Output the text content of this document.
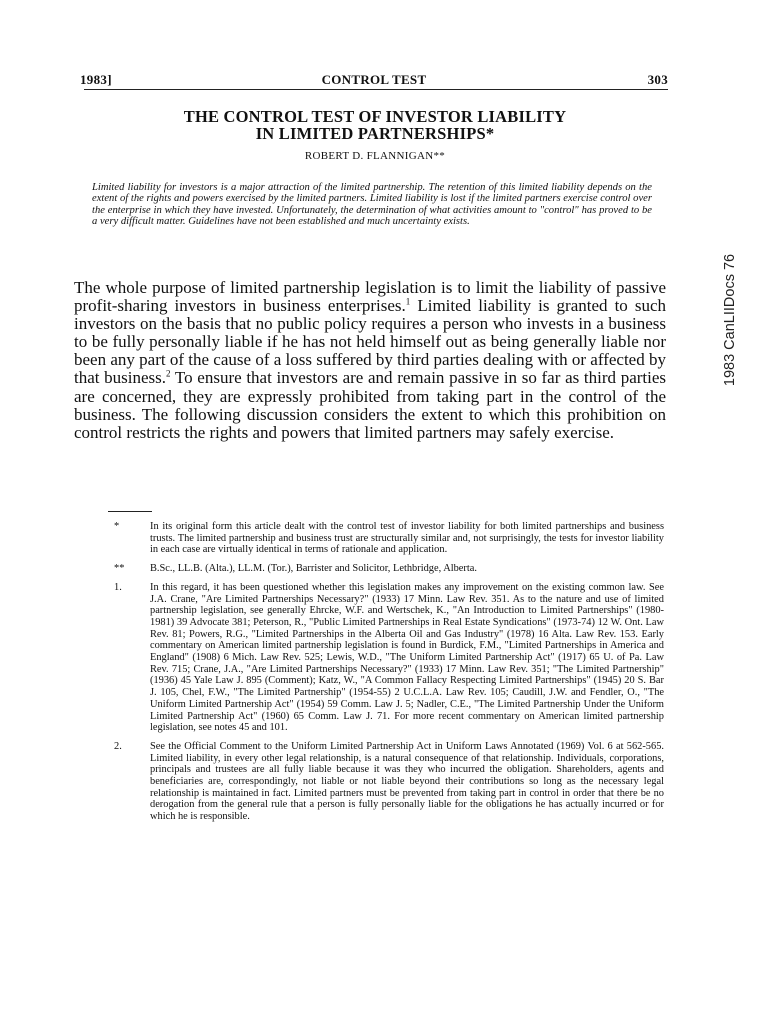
1983]	CONTROL TEST	303
THE CONTROL TEST OF INVESTOR LIABILITY
IN LIMITED PARTNERSHIPS*
ROBERT D. FLANNIGAN**
Limited liability for investors is a major attraction of the limited partnership. The retention of this limited liability depends on the extent of the rights and powers exercised by the limited partners. Limited liability is lost if the limited partners exercise control over the enterprise in which they have invested. Unfortunately, the determination of what activities amount to "control" has proved to be a very difficult matter. Guidelines have not been established and much uncertainty exists.
The whole purpose of limited partnership legislation is to limit the liability of passive profit-sharing investors in business enterprises.$^1$ Limited liability is granted to such investors on the basis that no public policy requires a person who invests in a business to be fully personally liable if he has not held himself out as being generally liable nor been any part of the cause of a loss suffered by third parties dealing with or affected by that business.$^2$ To ensure that investors are and remain passive in so far as third parties are concerned, they are expressly prohibited from taking part in the control of the business. The following discussion considers the extent to which this prohibition on control restricts the rights and powers that limited partners may safely exercise.
1983 CanLIIDocs 76
*	In its original form this article dealt with the control test of investor liability for both limited partnerships and business trusts. The limited partnership and business trust are structurally similar and, not surprisingly, the tests for investor liability in each case are virtually identical in terms of rationale and application.
**	B.Sc., LL.B. (Alta.), LL.M. (Tor.), Barrister and Solicitor, Lethbridge, Alberta.
1.	In this regard, it has been questioned whether this legislation makes any improvement on the existing common law. See J.A. Crane, "Are Limited Partnerships Necessary?" (1933) 17 Minn. Law Rev. 351. As to the nature and use of limited partnership legislation, see generally Ehrcke, W.F. and Wertschek, K., "An Introduction to Limited Partnerships" (1980-1981) 39 Advocate 381; Peterson, R., "Public Limited Partnerships in Real Estate Syndications" (1973-74) 12 W. Ont. Law Rev. 81; Powers, R.G., "Limited Partnerships in the Alberta Oil and Gas Industry" (1978) 16 Alta. Law Rev. 153. Early commentary on American limited partnership legislation is found in Burdick, F.M., "Limited Partnerships in America and England" (1908) 6 Mich. Law Rev. 525; Lewis, W.D., "The Uniform Limited Partnership Act" (1917) 65 U. of Pa. Law Rev. 715; Crane, J.A., "Are Limited Partnerships Necessary?" (1933) 17 Minn. Law Rev. 351; "The Limited Partnership" (1936) 45 Yale Law J. 895 (Comment); Katz, W., "A Common Fallacy Respecting Limited Partnerships" (1945) 20 S. Bar J. 105, Chel, F.W., "The Limited Partnership" (1954-55) 2 U.C.L.A. Law Rev. 105; Caudill, J.W. and Fendler, O., "The Uniform Limited Partnership Act" (1954) 59 Comm. Law J. 5; Nadler, C.E., "The Limited Partnership Under the Uniform Limited Partnership Act" (1960) 65 Comm. Law J. 71. For more recent commentary on American limited partnership legislation, see notes 45 and 101.
2.	See the Official Comment to the Uniform Limited Partnership Act in Uniform Laws Annotated (1969) Vol. 6 at 562-565. Limited liability, in every other legal relationship, is a natural consequence of that relationship. Individuals, corporations, principals and trustees are all fully liable because it was they who incurred the obligation. Shareholders, agents and beneficiaries are, correspondingly, not liable or not liable beyond their contributions so long as the necessary legal relationship is maintained in fact. Limited partners must be prevented from taking part in control in order that there be no derogation from the general rule that a person is fully personally liable for the obligations he has actually incurred or for which he is responsible.
